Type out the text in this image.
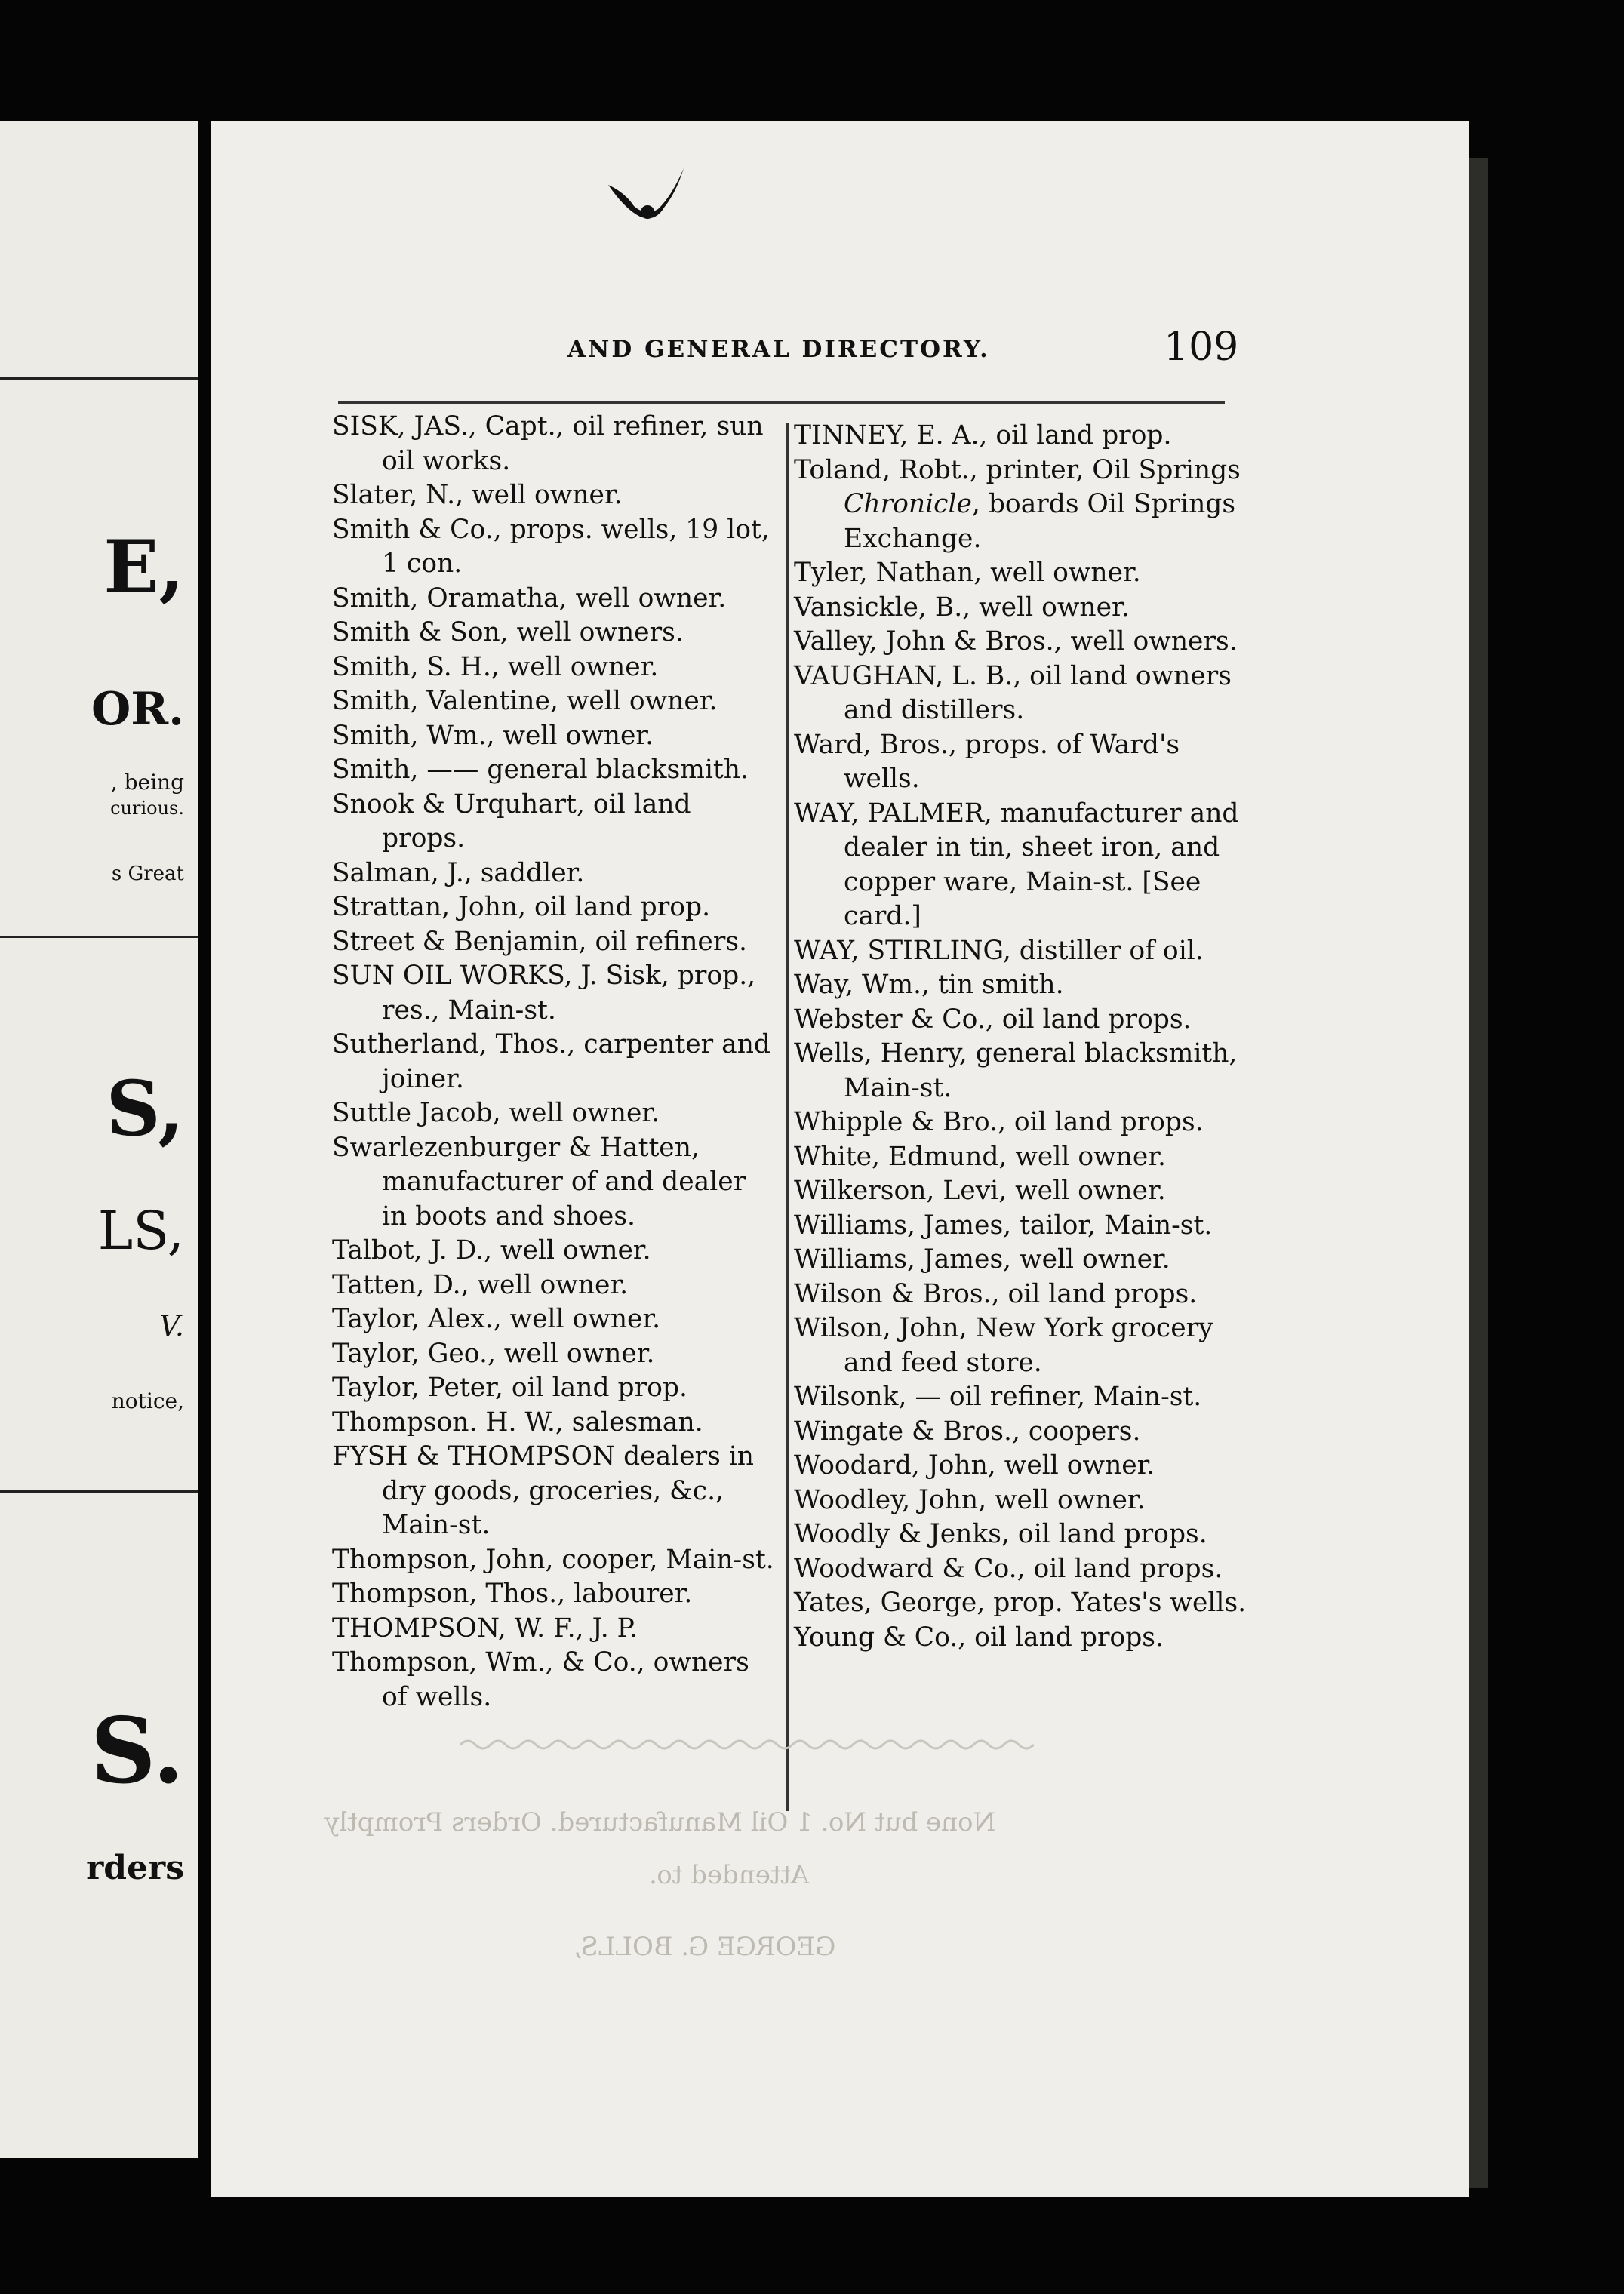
E,
OR.
, being
curious.
s Great
S,
LS,
V.
notice,
S.
rders
AND GENERAL DIRECTORY.	109
SISK, JAS., Capt., oil refiner, sun oil works.
Slater, N., well owner.
Smith & Co., props. wells, 19 lot, 1 con.
Smith, Oramatha, well owner.
Smith & Son, well owners.
Smith, S. H., well owner.
Smith, Valentine, well owner.
Smith, Wm., well owner.
Smith, —— general blacksmith.
Snook & Urquhart, oil land props.
Salman, J., saddler.
Strattan, John, oil land prop.
Street & Benjamin, oil refiners.
SUN OIL WORKS, J. Sisk, prop., res., Main-st.
Sutherland, Thos., carpenter and joiner.
Suttle Jacob, well owner.
Swarlezenburger & Hatten, manufacturer of and dealer in boots and shoes.
Talbot, J. D., well owner.
Tatten, D., well owner.
Taylor, Alex., well owner.
Taylor, Geo., well owner.
Taylor, Peter, oil land prop.
Thompson. H. W., salesman.
FYSH & THOMPSON dealers in dry goods, groceries, &c., Main-st.
Thompson, John, cooper, Main-st.
Thompson, Thos., labourer.
THOMPSON, W. F., J. P.
Thompson, Wm., & Co., owners of wells.
TINNEY, E. A., oil land prop.
Toland, Robt., printer, Oil Springs Chronicle, boards Oil Springs Exchange.
Tyler, Nathan, well owner.
Vansickle, B., well owner.
Valley, John & Bros., well owners.
VAUGHAN, L. B., oil land owners and distillers.
Ward, Bros., props. of Ward's wells.
WAY, PALMER, manufacturer and dealer in tin, sheet iron, and copper ware, Main-st. [See card.]
WAY, STIRLING, distiller of oil.
Way, Wm., tin smith.
Webster & Co., oil land props.
Wells, Henry, general blacksmith, Main-st.
Whipple & Bro., oil land props.
White, Edmund, well owner.
Wilkerson, Levi, well owner.
Williams, James, tailor, Main-st.
Williams, James, well owner.
Wilson & Bros., oil land props.
Wilson, John, New York grocery and feed store.
Wilsonk, — oil refiner, Main-st.
Wingate & Bros., coopers.
Woodard, John, well owner.
Woodley, John, well owner.
Woodly & Jenks, oil land props.
Woodward & Co., oil land props.
Yates, George, prop. Yates's wells.
Young & Co., oil land props.
None but No. 1 Oil Manufactured. Orders Promptly
Attended to.
GEORGE G. BOLLS,
